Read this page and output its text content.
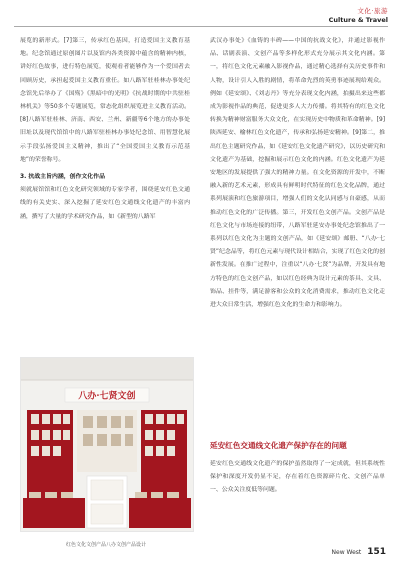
文化·旅游
Culture & Travel

展览的新形式。[7]第三，传承红色基因，打造爱国主义教育基地。纪念馆通过原创图片以及馆内各类资源中蕴含的精神内核，讲好红色故事，进行特色展览，使观看者能够作为一个爱国者去回顾历史，承担起爱国主义教育重任。如八路军驻桂林办事处纪念馆先后举办了《国殇》《黑暗中的光明》《抗战时期的中共驻桂林机关》等50多个专题展览，常态化组织展览进主义教育活动。[8]八路军驻桂林、济南、西安、兰州、新疆等6个地方的办事处旧址以及现代馆馆中的八路军驻桂林办事处纪念馆、用智慧化展示手段弘扬爱国主义精神，推出了“全国爱国主义教育示范基地”的荣誉称号。

3. 抗战主旨内涵，创作文化作品

须就展馆馆和红色文化研究领域的专家学者，围绕延安红色文通线的有关史实、深入挖掘了延安红色文通线文化遗产的丰富内涵，撰写了大量的学术研究作品，如《新型的八路军

八办·七贤文创
红色文化文创产品八办文创产品设计

武汉办事处》《血铸的丰碑——中国的抗战文化》，并通过影视作品、话剧表演、文创产品等多样化形式充分展示其文化内涵。第一，将红色文化元素融入影视作品，通过精心选择有关历史事件和人物，设计引人入胜的剧情，将革命先烈的英勇事迹展现给观众。例如《延安颂》、《刘志丹》等充分表现文化内涵，拍摄出来这些都成为影视作品的典范，促进更多人大力传播。将其特有的红色文化转换为精神财富服务大众文化，在实现历史中物质和革命精神。[9]陕西延安、榆林红色文化遗产，传承和弘扬延安精神。[9]第二，推出红色主题研究作品，如《延安红色文化遗产研究》，以历史研究和文化遗产为基础，挖掘和展示红色文化的内涵。红色文化遗产为延安地区的发展提供了强大的精神力量。在文化资源的开发中，不断融入新的艺术元素，形成具有鲜明时代特征的红色文化品牌，通过系列展演和红色旅游项目，增强人们的文化认同感与自豪感，从而推动红色文化的广泛传播。第三，开发红色文创产品。文创产品是红色文化与市场连接的纽带，八路军驻延安办事处纪念馆推出了一系列以红色文化为主题的文创产品，如《延安颂》邮册、“八办·七贤”纪念品等，将红色元素与现代设计相结合，实现了红色文化的创新性发展。在推广过程中，注重以“八办·七贤”为品牌，开发具有地方特色的红色文创产品，如以红色经典为设计元素的茶具、文具、饰品、挂件等，满足游客和公众的文化消费需求，推动红色文化走进大众日常生活，增强红色文化的生命力和影响力。

延安红色交通线文化遗产保护存在的问题
延安红色交通线文化遗产的保护虽然取得了一定成就，但其系统性保护和深度开发仍显不足，存在着红色资源碎片化、文创产品单一、公众关注度低等问题。
New West 151
